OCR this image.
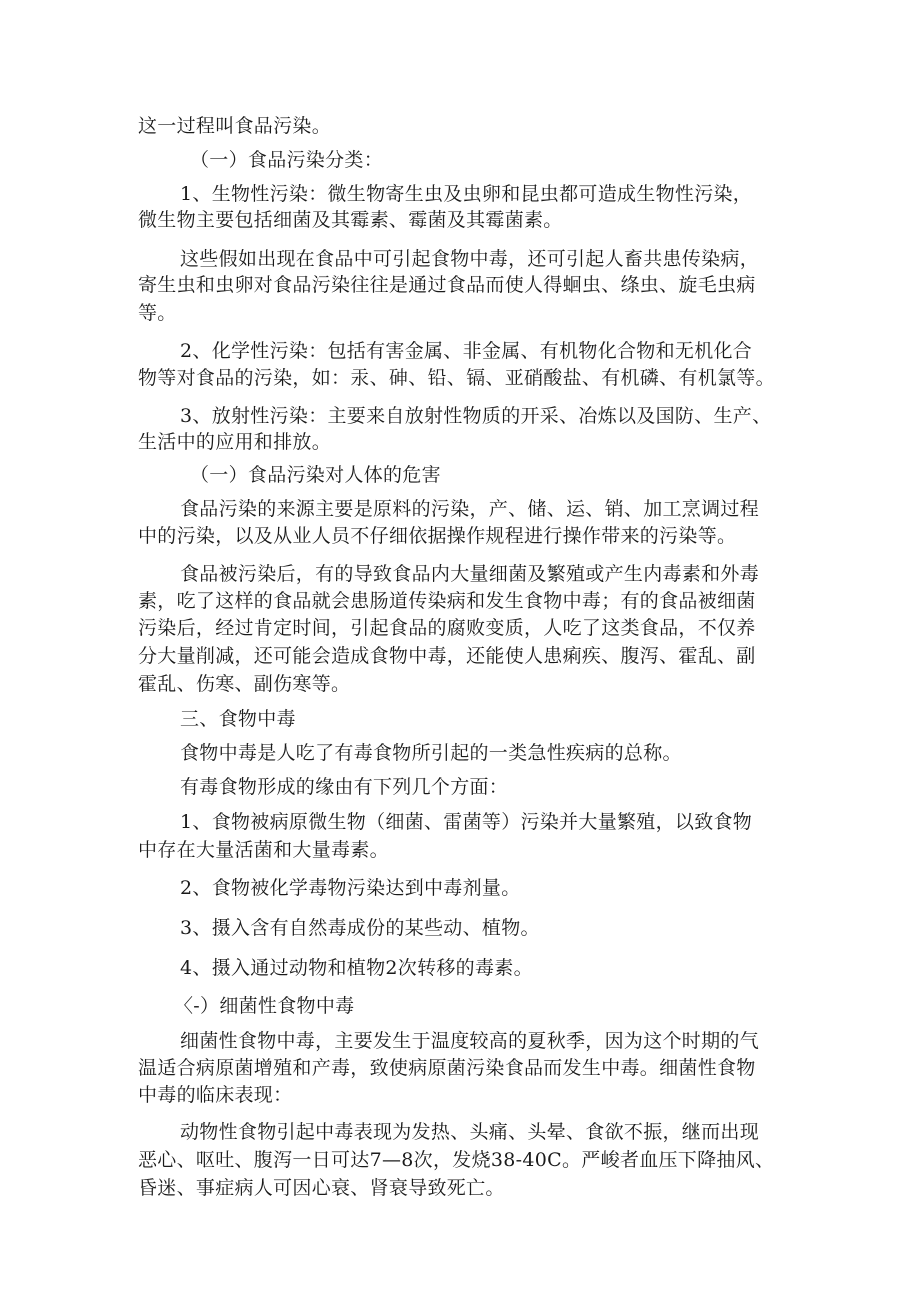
这一过程叫食品污染。
（一）食品污染分类：
1、生物性污染：微生物寄生虫及虫卵和昆虫都可造成生物性污染，
微生物主要包括细菌及其霉素、霉菌及其霉菌素。
这些假如出现在食品中可引起食物中毒，还可引起人畜共患传染病，
寄生虫和虫卵对食品污染往往是通过食品而使人得蛔虫、绦虫、旋毛虫病
等。
2、化学性污染：包括有害金属、非金属、有机物化合物和无机化合
物等对食品的污染，如：汞、砷、铅、镉、亚硝酸盐、有机磷、有机氯等。
3、放射性污染：主要来自放射性物质的开采、冶炼以及国防、生产、
生活中的应用和排放。
（一）食品污染对人体的危害
食品污染的来源主要是原料的污染，产、储、运、销、加工烹调过程
中的污染，以及从业人员不仔细依据操作规程进行操作带来的污染等。
食品被污染后，有的导致食品内大量细菌及繁殖或产生内毒素和外毒
素，吃了这样的食品就会患肠道传染病和发生食物中毒；有的食品被细菌
污染后，经过肯定时间，引起食品的腐败变质，人吃了这类食品，不仅养
分大量削减，还可能会造成食物中毒，还能使人患痢疾、腹泻、霍乱、副
霍乱、伤寒、副伤寒等。
三、食物中毒
食物中毒是人吃了有毒食物所引起的一类急性疾病的总称。
有毒食物形成的缘由有下列几个方面：
1、食物被病原微生物（细菌、雷菌等）污染并大量繁殖，以致食物
中存在大量活菌和大量毒素。
2、食物被化学毒物污染达到中毒剂量。
3、摄入含有自然毒成份的某些动、植物。
4、摄入通过动物和植物2次转移的毒素。
〈-）细菌性食物中毒
细菌性食物中毒，主要发生于温度较高的夏秋季，因为这个时期的气
温适合病原菌增殖和产毒，致使病原菌污染食品而发生中毒。细菌性食物
中毒的临床表现：
动物性食物引起中毒表现为发热、头痛、头晕、食欲不振，继而出现
恶心、呕吐、腹泻一日可达7—8次，发烧38-40C。严峻者血压下降抽风、
昏迷、事症病人可因心衰、肾衰导致死亡。
